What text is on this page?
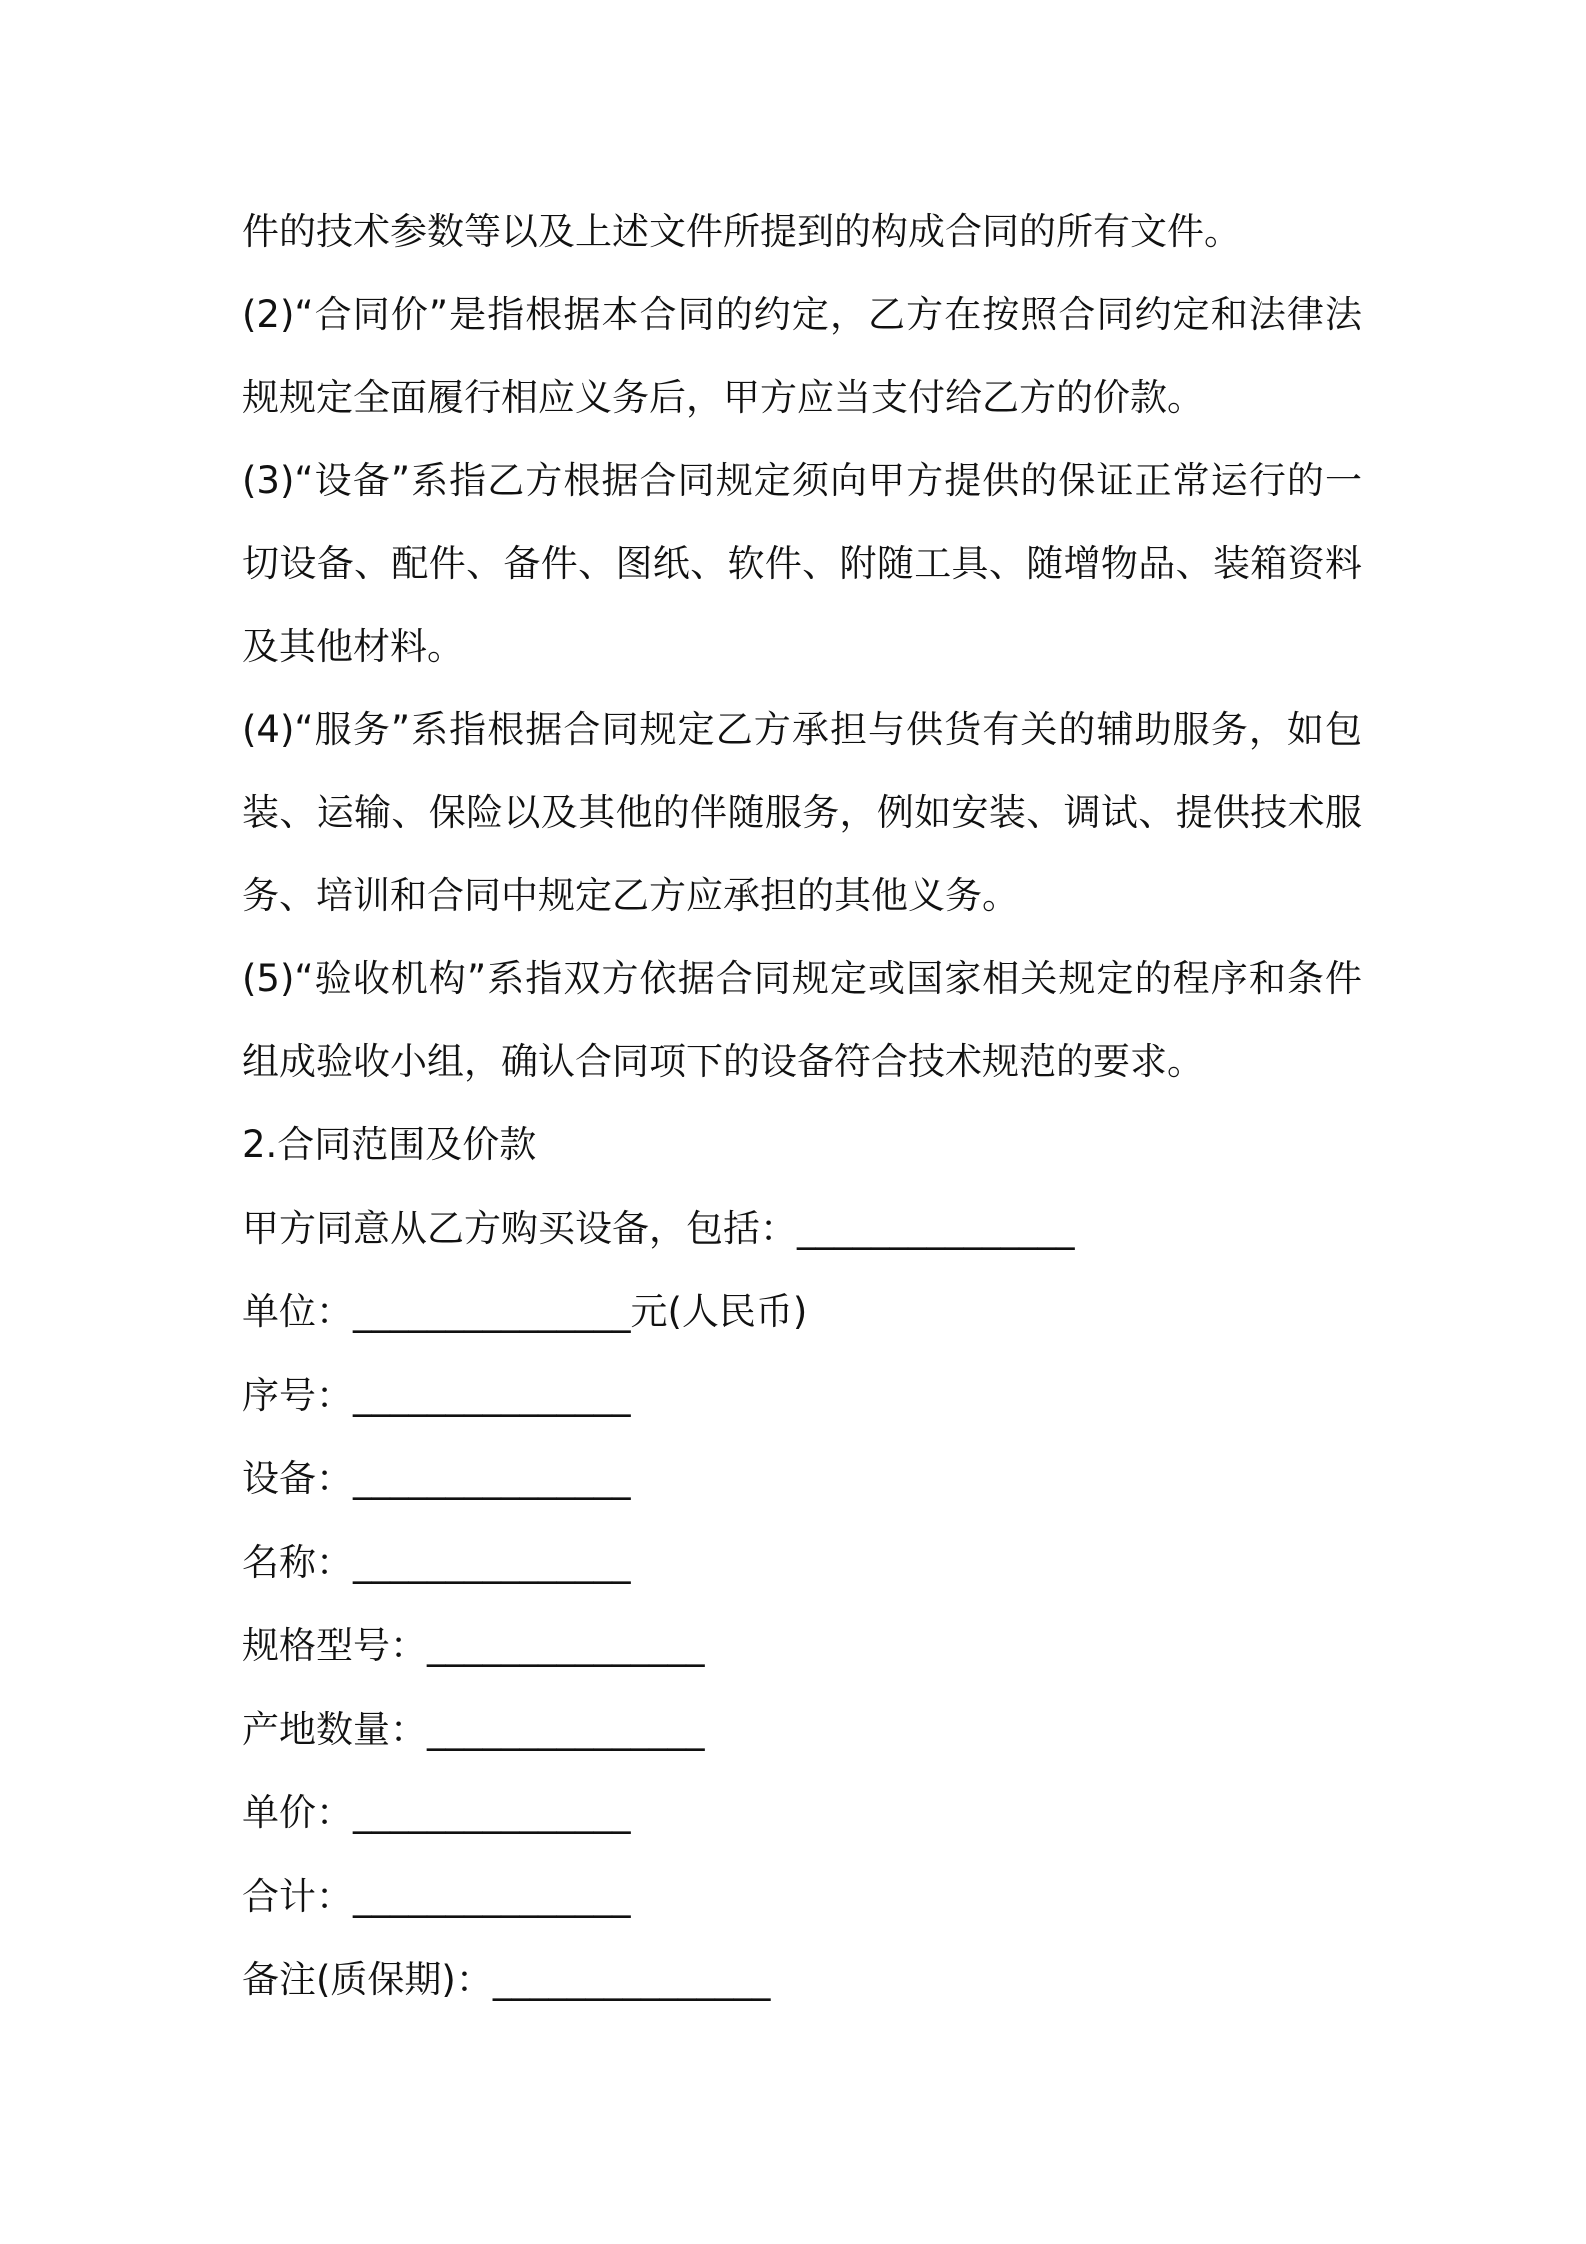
件的技术参数等以及上述文件所提到的构成合同的所有文件。

(2)“合同价”是指根据本合同的约定，乙方在按照合同约定和法律法规规定全面履行相应义务后，甲方应当支付给乙方的价款。

(3)“设备”系指乙方根据合同规定须向甲方提供的保证正常运行的一切设备、配件、备件、图纸、软件、附随工具、随增物品、装箱资料及其他材料。

(4)“服务”系指根据合同规定乙方承担与供货有关的辅助服务，如包装、运输、保险以及其他的伴随服务，例如安装、调试、提供技术服务、培训和合同中规定乙方应承担的其他义务。

(5)“验收机构”系指双方依据合同规定或国家相关规定的程序和条件组成验收小组，确认合同项下的设备符合技术规范的要求。

2.合同范围及价款

甲方同意从乙方购买设备，包括：_______________

单位：_______________元(人民币)

序号：_______________

设备：_______________

名称：_______________

规格型号：_______________

产地数量：_______________

单价：_______________

合计：_______________

备注(质保期)：_______________
